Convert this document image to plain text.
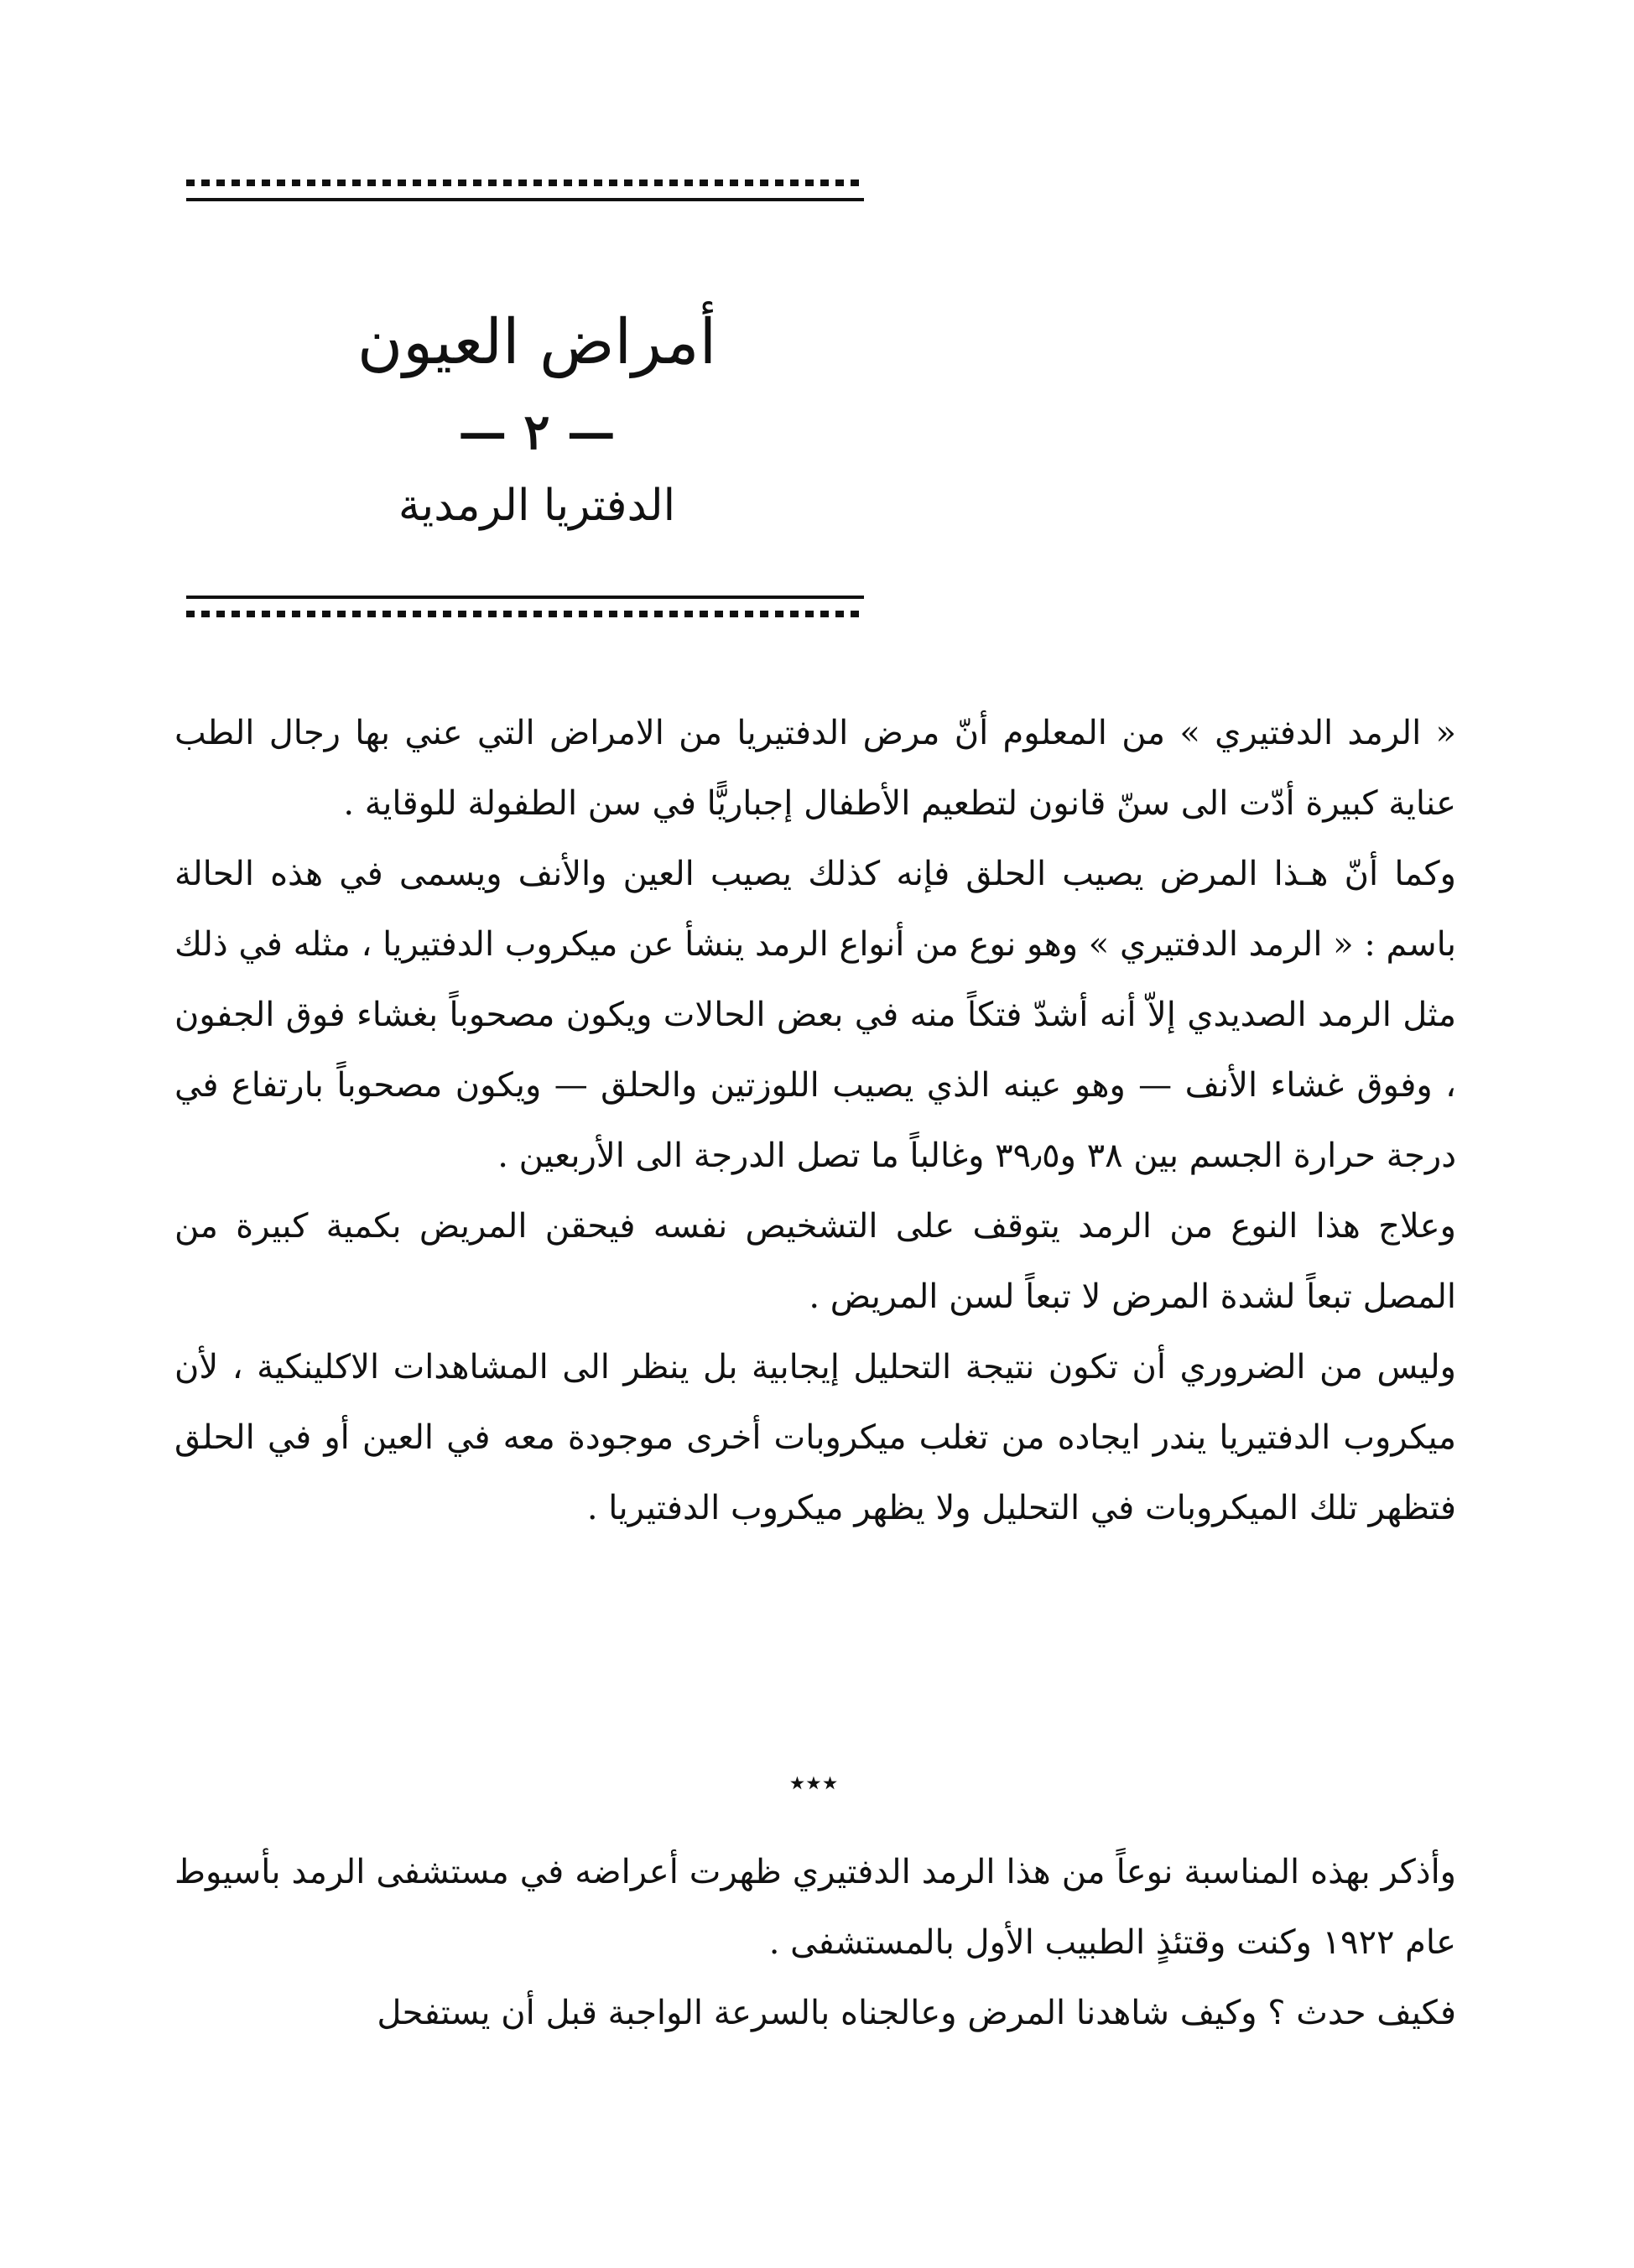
أمراض العيون
— ٢ —
الدفتريا الرمدية

« الرمد الدفتيري » من المعلوم أنّ مرض الدفتيريا من الامراض التي عني بها رجال الطب عناية كبيرة أدّت الى سنّ قانون لتطعيم الأطفال إجباريًّا في سن الطفولة للوقاية .

وكما أنّ هـذا المرض يصيب الحلق فإنه كذلك يصيب العين والأنف ويسمى في هذه الحالة باسم : « الرمد الدفتيري » وهو نوع من أنواع الرمد ينشأ عن ميكروب الدفتيريا ، مثله في ذلك مثل الرمد الصديدي إلاّ أنه أشدّ فتكاً منه في بعض الحالات ويكون مصحوباً بغشاء فوق الجفون ، وفوق غشاء الأنف — وهو عينه الذي يصيب اللوزتين والحلق — ويكون مصحوباً بارتفاع في درجة حرارة الجسم بين ٣٨ و٣٩٫٥ وغالباً ما تصل الدرجة الى الأربعين .

وعلاج هذا النوع من الرمد يتوقف على التشخيص نفسه فيحقن المريض بكمية كبيرة من المصل تبعاً لشدة المرض لا تبعاً لسن المريض .

وليس من الضروري أن تكون نتيجة التحليل إيجابية بل ينظر الى المشاهدات الاكلينكية ، لأن ميكروب الدفتيريا يندر ايجاده من تغلب ميكروبات أخرى موجودة معه في العين أو في الحلق فتظهر تلك الميكروبات في التحليل ولا يظهر ميكروب الدفتيريا .

٭٭٭

وأذكر بهذه المناسبة نوعاً من هذا الرمد الدفتيري ظهرت أعراضه في مستشفى الرمد بأسيوط عام ١٩٢٢ وكنت وقتئذٍ الطبيب الأول بالمستشفى .

فكيف حدث ؟ وكيف شاهدنا المرض وعالجناه بالسرعة الواجبة قبل أن يستفحل
